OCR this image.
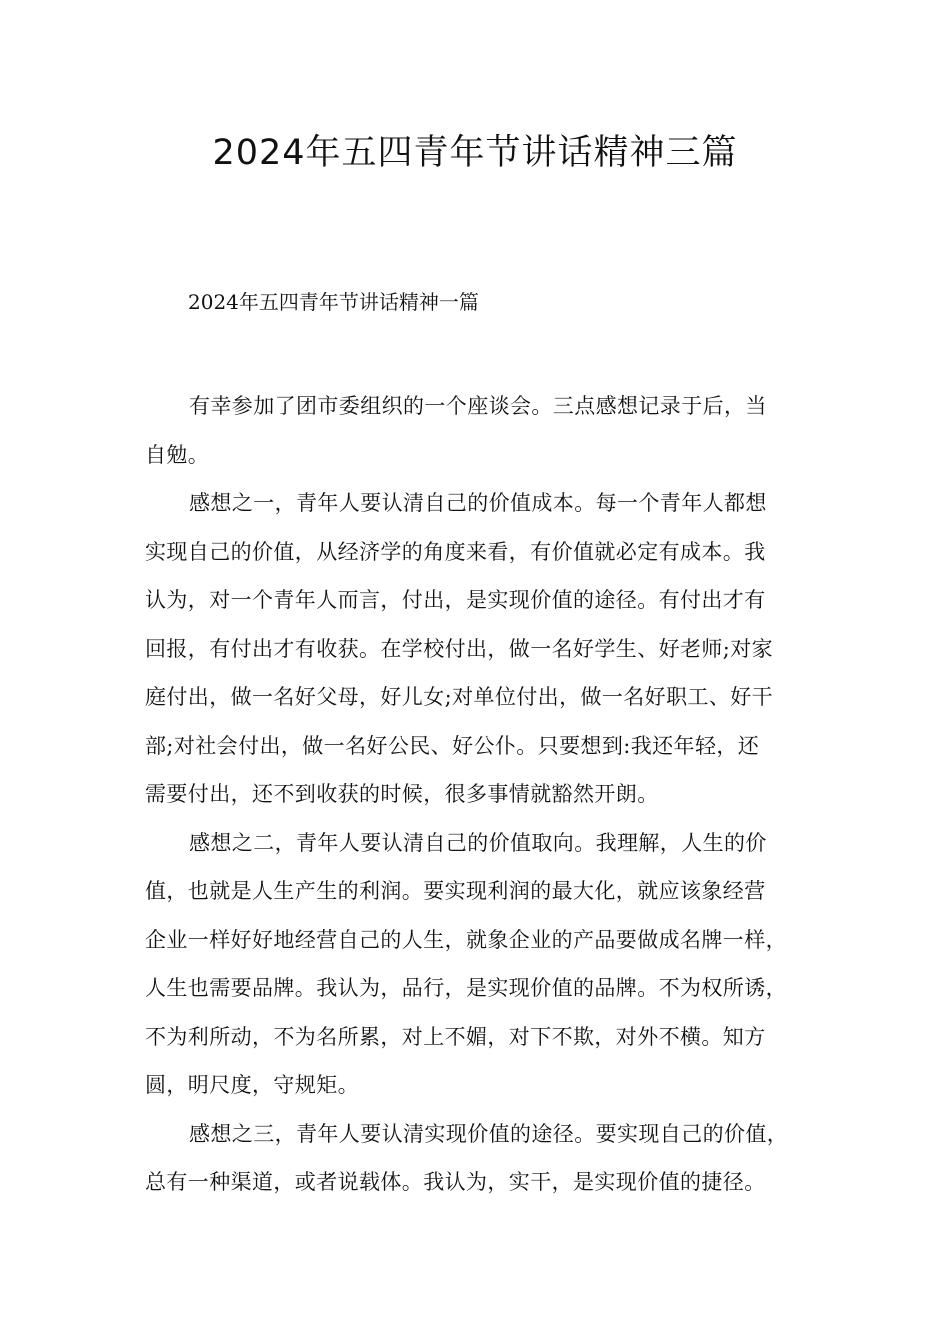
2024年五四青年节讲话精神三篇

2024年五四青年节讲话精神一篇

有幸参加了团市委组织的一个座谈会。三点感想记录于后，当
自勉。

感想之一，青年人要认清自己的价值成本。每一个青年人都想
实现自己的价值，从经济学的角度来看，有价值就必定有成本。我
认为，对一个青年人而言，付出，是实现价值的途径。有付出才有
回报，有付出才有收获。在学校付出，做一名好学生、好老师;对家
庭付出，做一名好父母，好儿女;对单位付出，做一名好职工、好干
部;对社会付出，做一名好公民、好公仆。只要想到:我还年轻，还
需要付出，还不到收获的时候，很多事情就豁然开朗。

感想之二，青年人要认清自己的价值取向。我理解，人生的价
值，也就是人生产生的利润。要实现利润的最大化，就应该象经营
企业一样好好地经营自己的人生，就象企业的产品要做成名牌一样，
人生也需要品牌。我认为，品行，是实现价值的品牌。不为权所诱，
不为利所动，不为名所累，对上不媚，对下不欺，对外不横。知方
圆，明尺度，守规矩。

感想之三，青年人要认清实现价值的途径。要实现自己的价值，
总有一种渠道，或者说载体。我认为，实干，是实现价值的捷径。
